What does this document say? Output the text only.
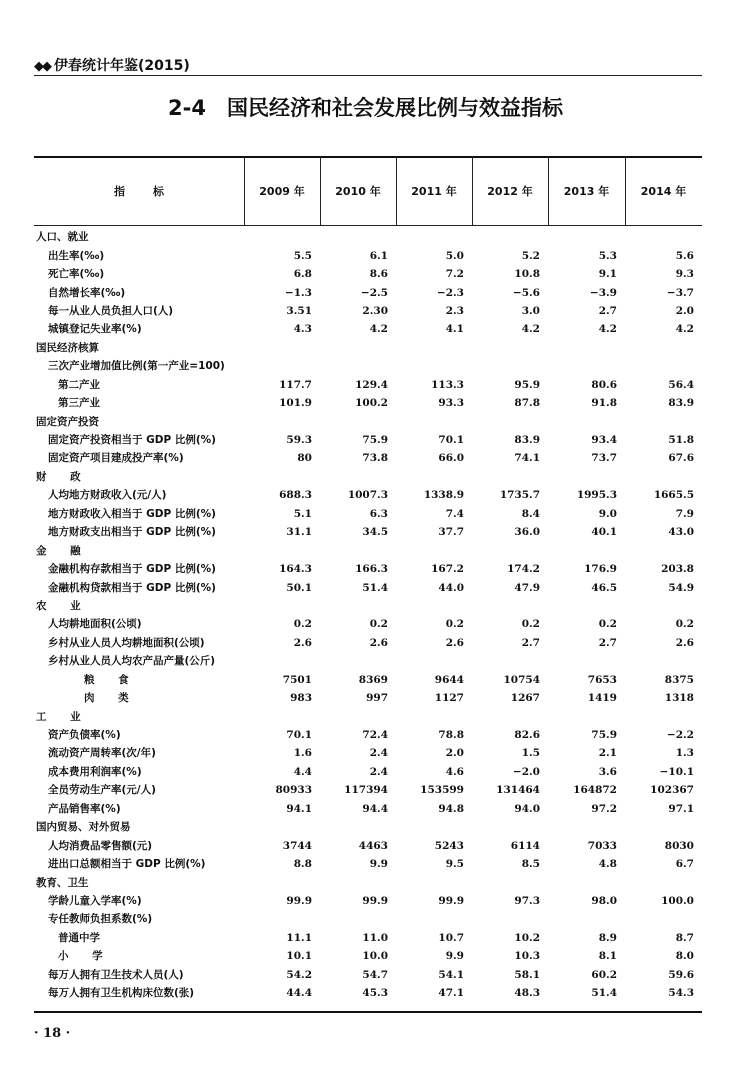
◆◆ 伊春统计年鉴(2015)
2-4　国民经济和社会发展比例与效益指标
指标	2009 年	2010 年	2011 年	2012 年	2013 年	2014 年
人口、就业						
出生率(‰)	5.5	6.1	5.0	5.2	5.3	5.6
死亡率(‰)	6.8	8.6	7.2	10.8	9.1	9.3
自然增长率(‰)	−1.3	−2.5	−2.3	−5.6	−3.9	−3.7
每一从业人员负担人口(人)	3.51	2.30	2.3	3.0	2.7	2.0
城镇登记失业率(%)	4.3	4.2	4.1	4.2	4.2	4.2
国民经济核算						
三次产业增加值比例(第一产业=100)						
第二产业	117.7	129.4	113.3	95.9	80.6	56.4
第三产业	101.9	100.2	93.3	87.8	91.8	83.9
固定资产投资						
固定资产投资相当于 GDP 比例(%)	59.3	75.9	70.1	83.9	93.4	51.8
固定资产项目建成投产率(%)	80	73.8	66.0	74.1	73.7	67.6
财 政						
人均地方财政收入(元/人)	688.3	1007.3	1338.9	1735.7	1995.3	1665.5
地方财政收入相当于 GDP 比例(%)	5.1	6.3	7.4	8.4	9.0	7.9
地方财政支出相当于 GDP 比例(%)	31.1	34.5	37.7	36.0	40.1	43.0
金 融						
金融机构存款相当于 GDP 比例(%)	164.3	166.3	167.2	174.2	176.9	203.8
金融机构贷款相当于 GDP 比例(%)	50.1	51.4	44.0	47.9	46.5	54.9
农 业						
人均耕地面积(公顷)	0.2	0.2	0.2	0.2	0.2	0.2
乡村从业人员人均耕地面积(公顷)	2.6	2.6	2.6	2.7	2.7	2.6
乡村从业人员人均农产品产量(公斤)						
粮 食	7501	8369	9644	10754	7653	8375
肉 类	983	997	1127	1267	1419	1318
工 业						
资产负债率(%)	70.1	72.4	78.8	82.6	75.9	−2.2
流动资产周转率(次/年)	1.6	2.4	2.0	1.5	2.1	1.3
成本费用利润率(%)	4.4	2.4	4.6	−2.0	3.6	−10.1
全员劳动生产率(元/人)	80933	117394	153599	131464	164872	102367
产品销售率(%)	94.1	94.4	94.8	94.0	97.2	97.1
国内贸易、对外贸易						
人均消费品零售额(元)	3744	4463	5243	6114	7033	8030
进出口总额相当于 GDP 比例(%)	8.8	9.9	9.5	8.5	4.8	6.7
教育、卫生						
学龄儿童入学率(%)	99.9	99.9	99.9	97.3	98.0	100.0
专任教师负担系数(%)						
普通中学	11.1	11.0	10.7	10.2	8.9	8.7
小 学	10.1	10.0	9.9	10.3	8.1	8.0
每万人拥有卫生技术人员(人)	54.2	54.7	54.1	58.1	60.2	59.6
每万人拥有卫生机构床位数(张)	44.4	45.3	47.1	48.3	51.4	54.3
· 18 ·
